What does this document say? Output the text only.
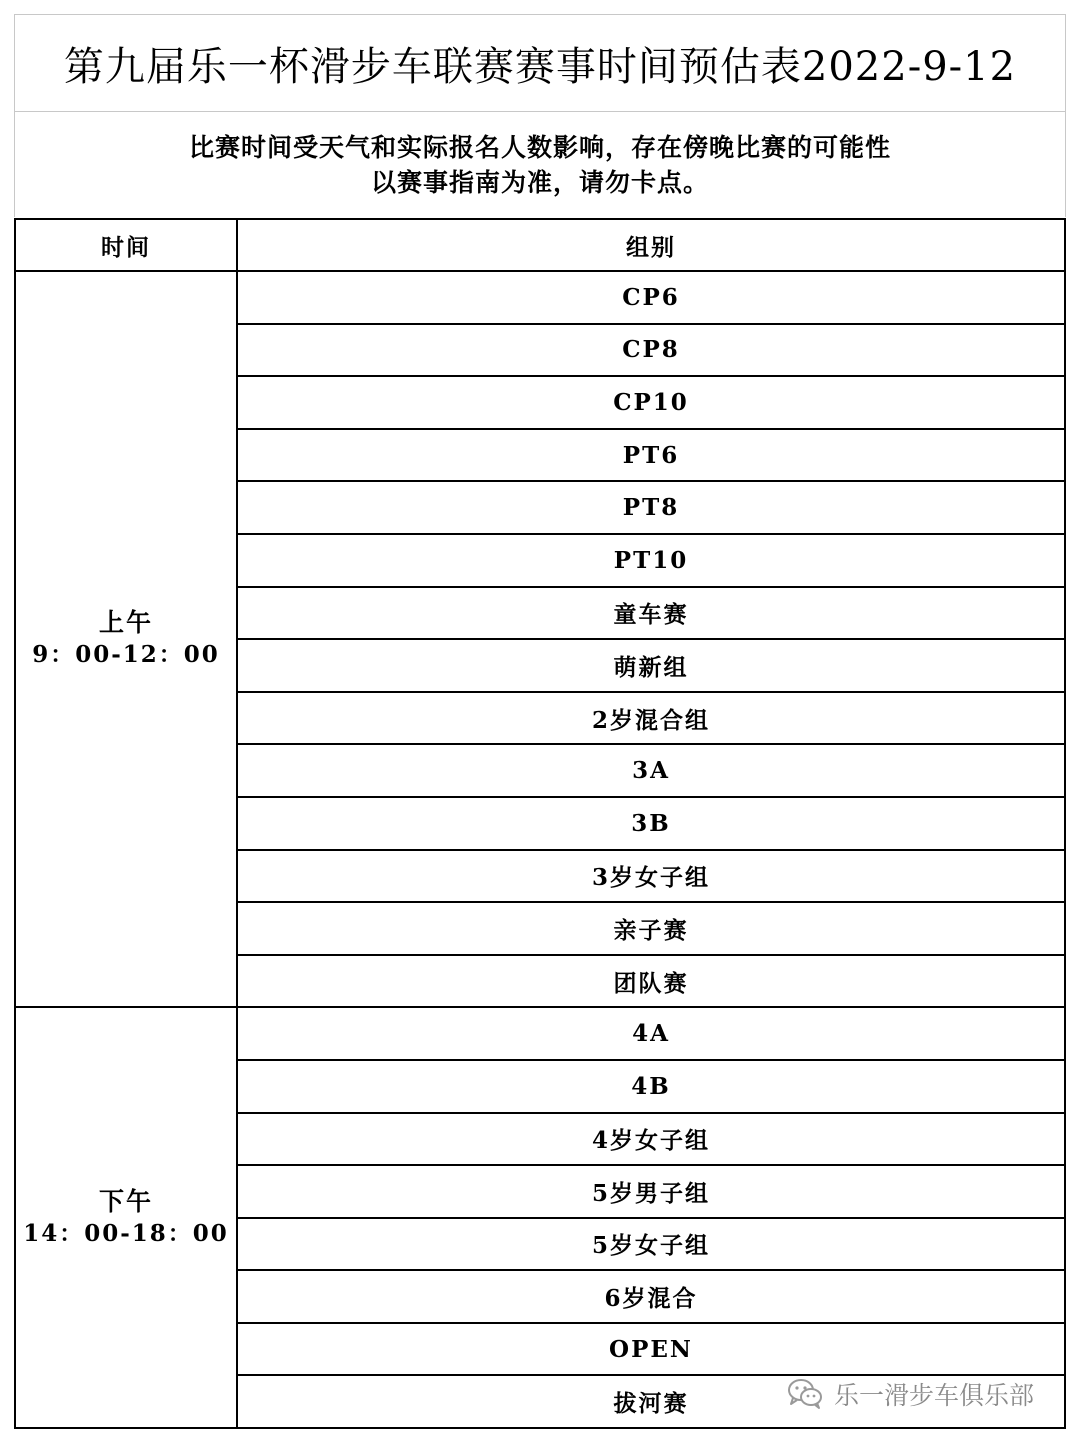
第九届乐一杯滑步车联赛赛事时间预估表2022-9-12
比赛时间受天气和实际报名人数影响，存在傍晚比赛的可能性
以赛事指南为准，请勿卡点。
时间	组别

上午
9：00-12：00	CP6
	CP8
	CP10
	PT6
	PT8
	PT10
	童车赛
	萌新组
	2岁混合组
	3A
	3B
	3岁女子组
	亲子赛
	团队赛

下午
14：00-18：00	4A
	4B
	4岁女子组
	5岁男子组
	5岁女子组
	6岁混合
	OPEN
	拔河赛	乐一滑步车俱乐部
